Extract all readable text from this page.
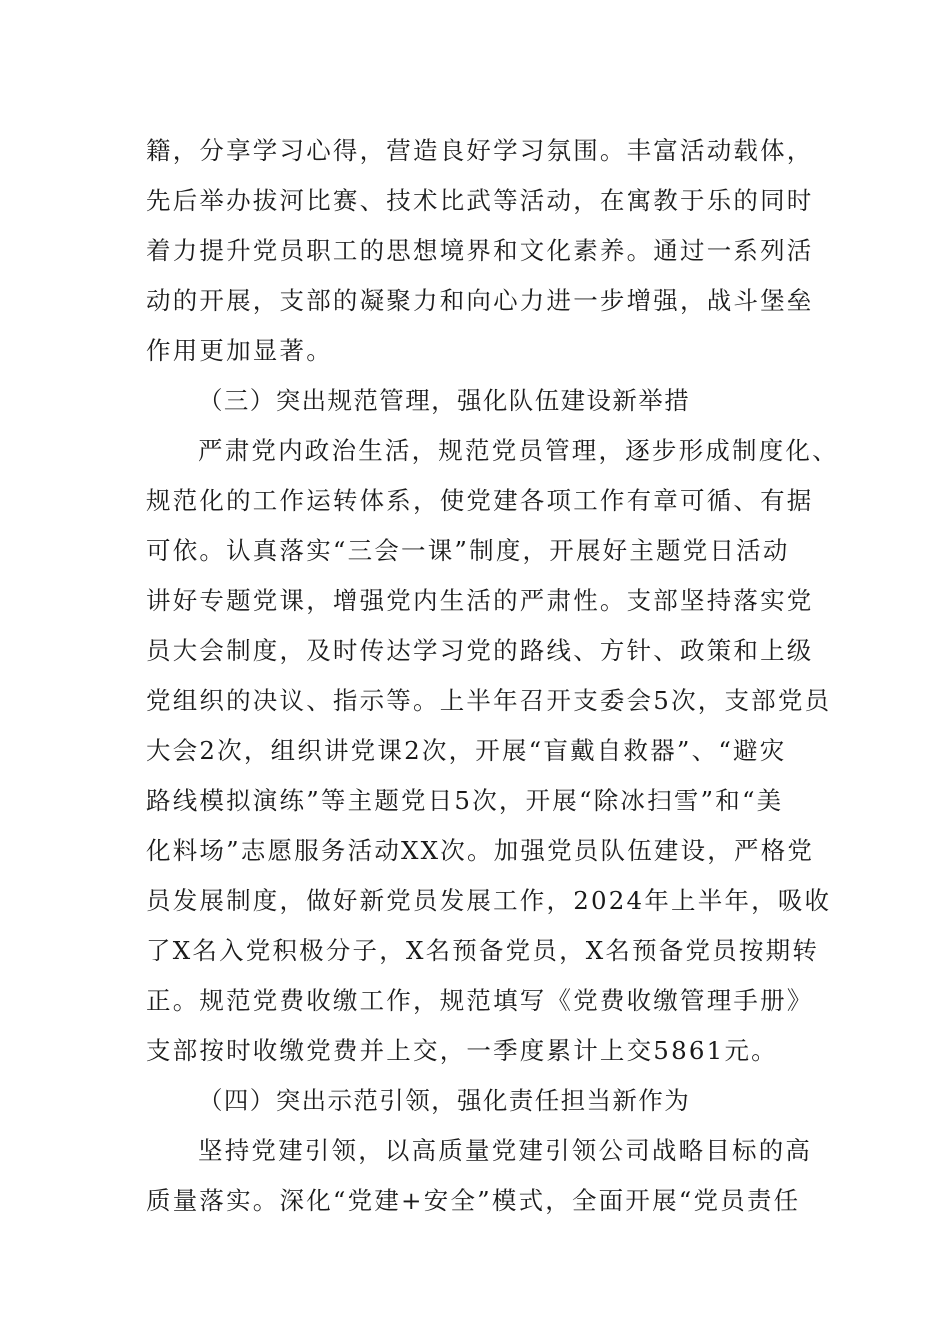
籍，分享学习心得，营造良好学习氛围。丰富活动载体，
先后举办拔河比赛、技术比武等活动，在寓教于乐的同时
着力提升党员职工的思想境界和文化素养。通过一系列活
动的开展，支部的凝聚力和向心力进一步增强，战斗堡垒
作用更加显著。
（三）突出规范管理，强化队伍建设新举措
严肃党内政治生活，规范党员管理，逐步形成制度化、
规范化的工作运转体系，使党建各项工作有章可循、有据
可依。认真落实“三会一课”制度，开展好主题党日活动
讲好专题党课，增强党内生活的严肃性。支部坚持落实党
员大会制度，及时传达学习党的路线、方针、政策和上级
党组织的决议、指示等。上半年召开支委会5次，支部党员
大会2次，组织讲党课2次，开展“盲戴自救器”、“避灾
路线模拟演练”等主题党日5次，开展“除冰扫雪”和“美
化料场”志愿服务活动XX次。加强党员队伍建设，严格党
员发展制度，做好新党员发展工作，2024年上半年，吸收
了X名入党积极分子，X名预备党员，X名预备党员按期转
正。规范党费收缴工作，规范填写《党费收缴管理手册》
支部按时收缴党费并上交，一季度累计上交5861元。
（四）突出示范引领，强化责任担当新作为
坚持党建引领，以高质量党建引领公司战略目标的高
质量落实。深化“党建+安全”模式，全面开展“党员责任
